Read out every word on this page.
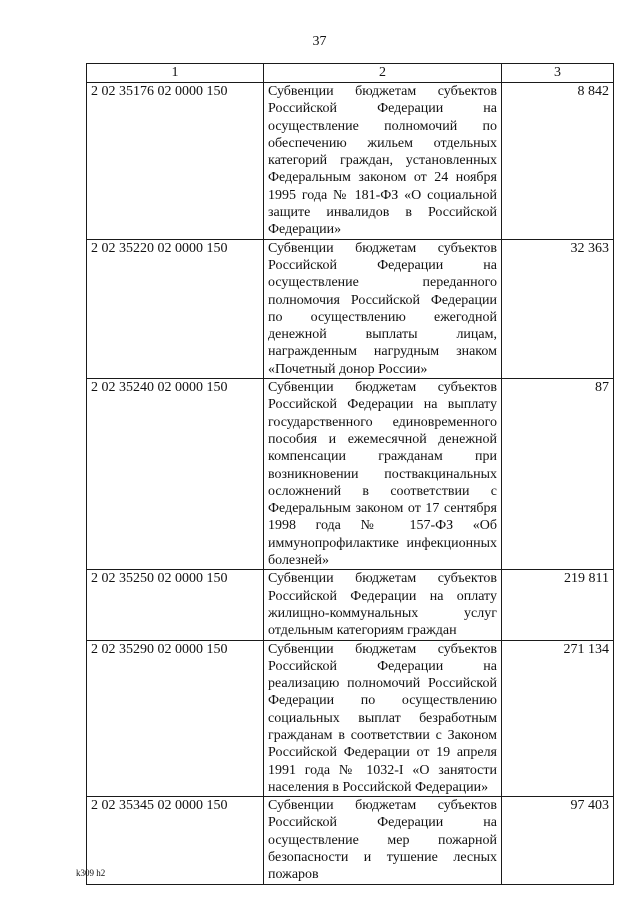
37
1	2	3
2 02 35176 02 0000 150	Субвенции бюджетам субъектов Российской Федерации на осуществление полномочий по обеспечению жильем отдельных категорий граждан, установленных Федеральным законом от 24 ноября 1995 года № 181-ФЗ «О социальной защите инвалидов в Российской Федерации»	8 842
2 02 35220 02 0000 150	Субвенции бюджетам субъектов Российской Федерации на осуществление переданного полномочия Российской Федерации по осуществлению ежегодной денежной выплаты лицам, награжденным нагрудным знаком «Почетный донор России»	32 363
2 02 35240 02 0000 150	Субвенции бюджетам субъектов Российской Федерации на выплату государственного единовременного пособия и ежемесячной денежной компенсации гражданам при возникновении поствакцинальных осложнений в соответствии с Федеральным законом от 17 сентября 1998 года № 157-ФЗ «Об иммунопрофилактике инфекционных болезней»	87
2 02 35250 02 0000 150	Субвенции бюджетам субъектов Российской Федерации на оплату жилищно-коммунальных услуг отдельным категориям граждан	219 811
2 02 35290 02 0000 150	Субвенции бюджетам субъектов Российской Федерации на реализацию полномочий Российской Федерации по осуществлению социальных выплат безработным гражданам в соответствии с Законом Российской Федерации от 19 апреля 1991 года № 1032-I «О занятости населения в Российской Федерации»	271 134
2 02 35345 02 0000 150	Субвенции бюджетам субъектов Российской Федерации на осуществление мер пожарной безопасности и тушение лесных пожаров	97 403
k309 h2
